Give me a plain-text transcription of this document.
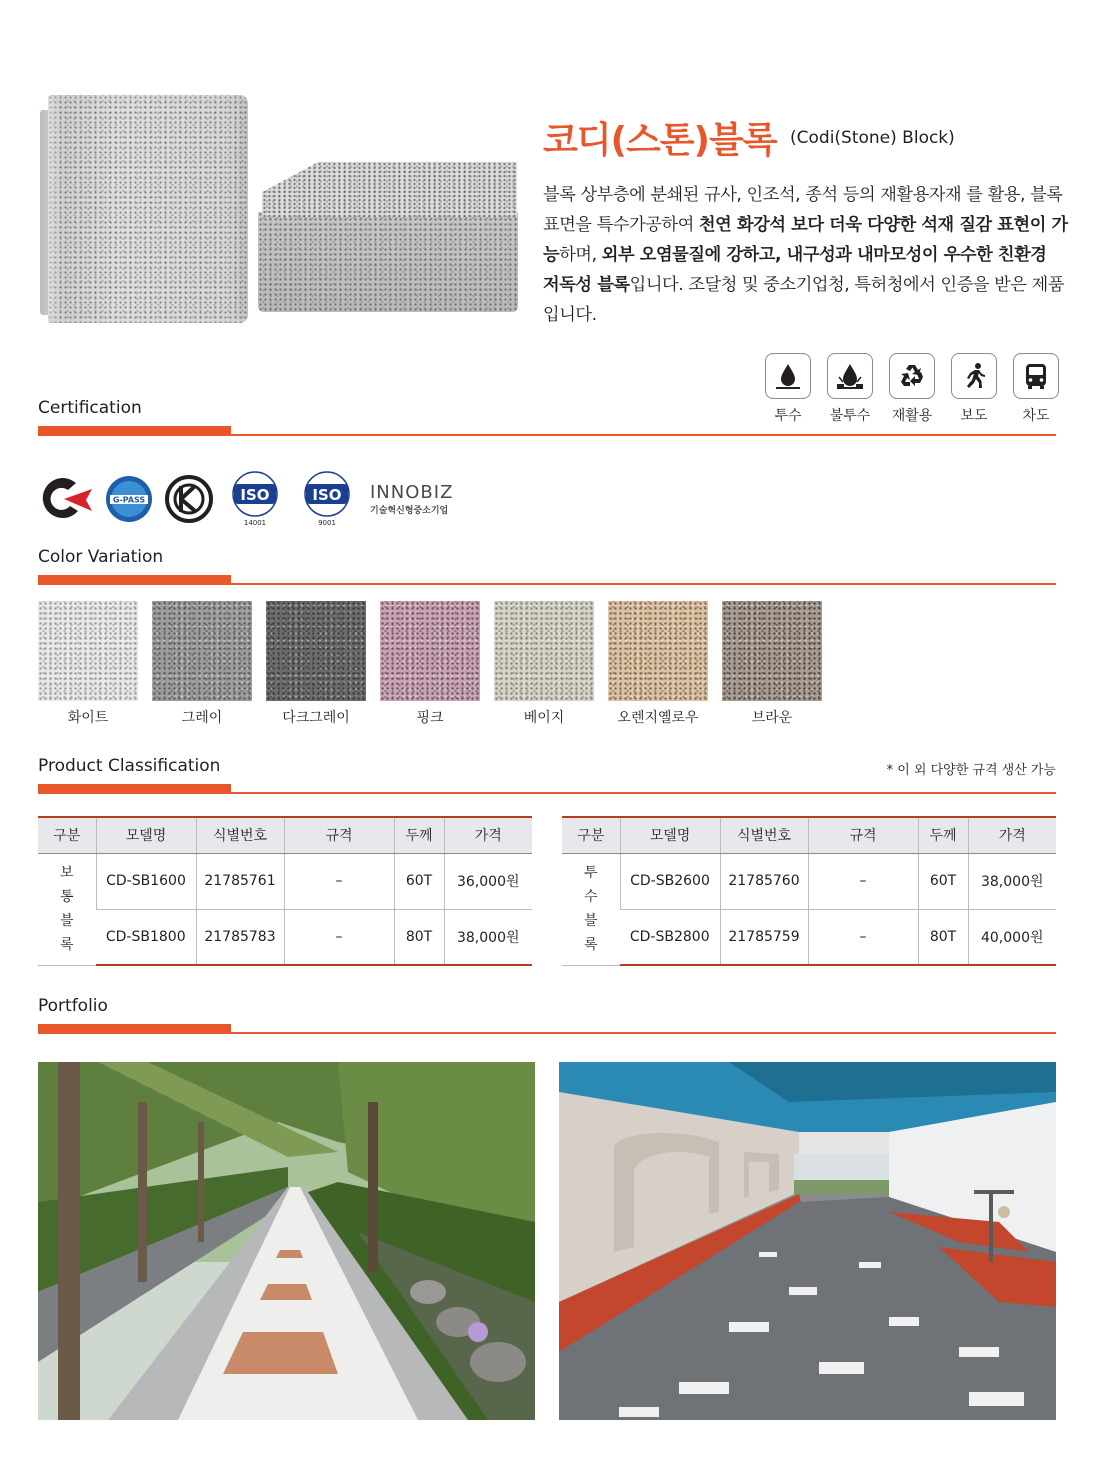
코디(스톤)블록 (Codi(Stone) Block)
블록 상부층에 분쇄된 규사, 인조석, 종석 등의 재활용자재 를 활용, 블록 표면을 특수가공하여 천연 화강석 보다 더욱 다양한 석재 질감 표현이 가능하며, 외부 오염물질에 강하고, 내구성과 내마모성이 우수한 친환경 저독성 블록입니다. 조달청 및 중소기업청, 특허청에서 인증을 받은 제품입니다.
투수 불투수 재활용 보도 차도
Certification
G-PASS	ISO
14001
ISO
9001
INNOBIZ
기술혁신형중소기업
Color Variation
화이트	그레이	다크그레이	핑크	베이지	오렌지옐로우	브라운
Product Classification	* 이 외 다양한 규격 생산 가능
구분	모델명	식별번호	규격	두께	가격

보
통
블
록	CD-SB1600	21785761	–	60T	36,000원
	CD-SB1800	21785783	–	80T	38,000원
구분	모델명	식별번호	규격	두께	가격

투
수
블
록	CD-SB2600	21785760	–	60T	38,000원
	CD-SB2800	21785759	–	80T	40,000원
Portfolio
